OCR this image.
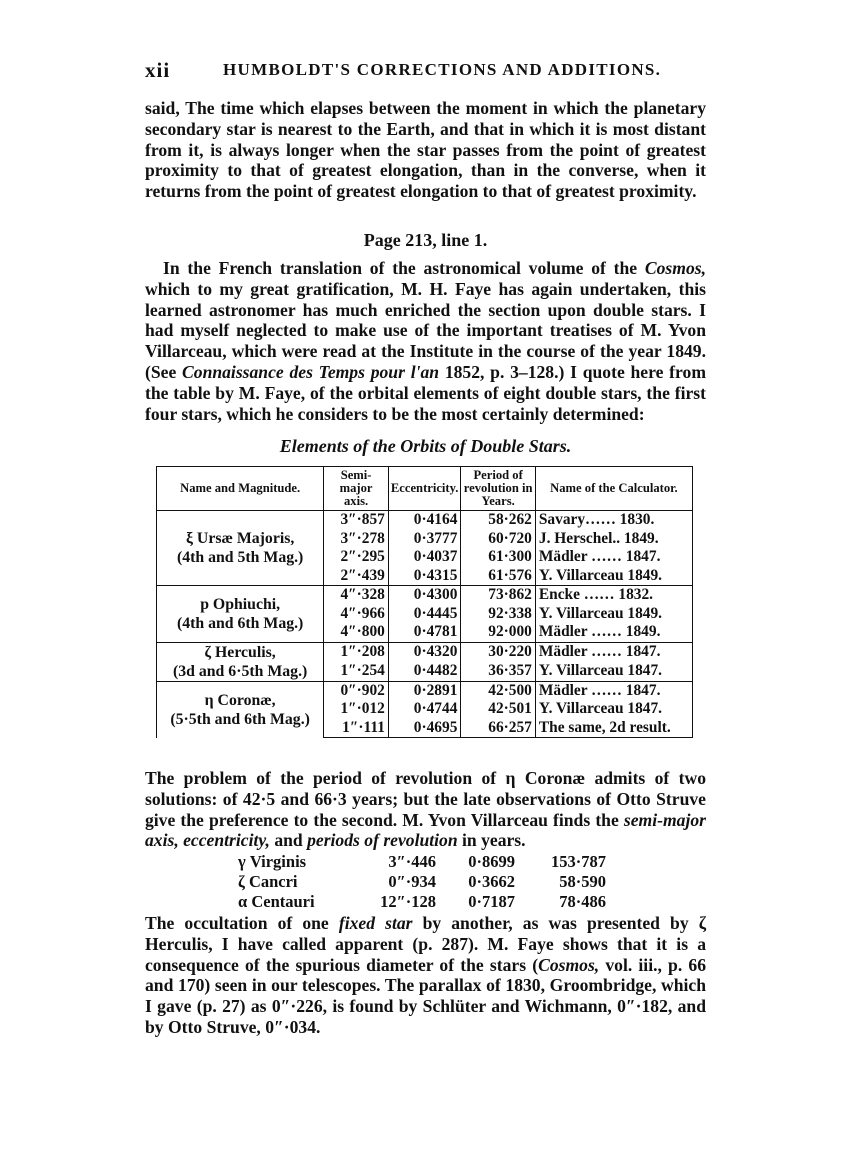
xii	HUMBOLDT'S CORRECTIONS AND ADDITIONS.

said, The time which elapses between the moment in which the planetary secondary star is nearest to the Earth, and that in which it is most distant from it, is always longer when the star passes from the point of greatest proximity to that of greatest elongation, than in the converse, when it returns from the point of greatest elongation to that of greatest proximity.

Page 213, line 1.

In the French translation of the astronomical volume of the Cosmos, which to my great gratification, M. H. Faye has again undertaken, this learned astronomer has much enriched the section upon double stars. I had myself neglected to make use of the important treatises of M. Yvon Villarceau, which were read at the Institute in the course of the year 1849. (See Connaissance des Temps pour l'an 1852, p. 3–128.) I quote here from the table by M. Faye, of the orbital elements of eight double stars, the first four stars, which he considers to be the most certainly determined:

Elements of the Orbits of Double Stars.
Name and Magnitude.	Semi-major axis.	Eccentricity.	Period of revolution in Years.	Name of the Calculator.
ξ Ursæ Majoris,
(4th and 5th Mag.)	3″·857	0·4164	58·262	Savary…… 1830.
	3″·278	0·3777	60·720	J. Herschel.. 1849.
	2″·295	0·4037	61·300	Mädler …… 1847.
	2″·439	0·4315	61·576	Y. Villarceau 1849.
p Ophiuchi,
(4th and 6th Mag.)	4″·328	0·4300	73·862	Encke …… 1832.
	4″·966	0·4445	92·338	Y. Villarceau 1849.
	4″·800	0·4781	92·000	Mädler …… 1849.
ζ Herculis,
(3d and 6·5th Mag.)	1″·208	0·4320	30·220	Mädler …… 1847.
	1″·254	0·4482	36·357	Y. Villarceau 1847.
η Coronæ,
(5·5th and 6th Mag.)	0″·902	0·2891	42·500	Mädler …… 1847.
	1″·012	0·4744	42·501	Y. Villarceau 1847.
	1″·111	0·4695	66·257	The same, 2d result.

The problem of the period of revolution of η Coronæ admits of two solutions: of 42·5 and 66·3 years; but the late observations of Otto Struve give the preference to the second. M. Yvon Villarceau finds the semi-major axis, eccentricity, and periods of revolution in years.

γ Virginis	3″·446	0·8699	153·787
ζ Cancri	0″·934	0·3662	58·590
α Centauri	12″·128	0·7187	78·486

The occultation of one fixed star by another, as was presented by ζ Herculis, I have called apparent (p. 287). M. Faye shows that it is a consequence of the spurious diameter of the stars (Cosmos, vol. iii., p. 66 and 170) seen in our telescopes. The parallax of 1830, Groombridge, which I gave (p. 27) as 0″·226, is found by Schlüter and Wichmann, 0″·182, and by Otto Struve, 0″·034.
